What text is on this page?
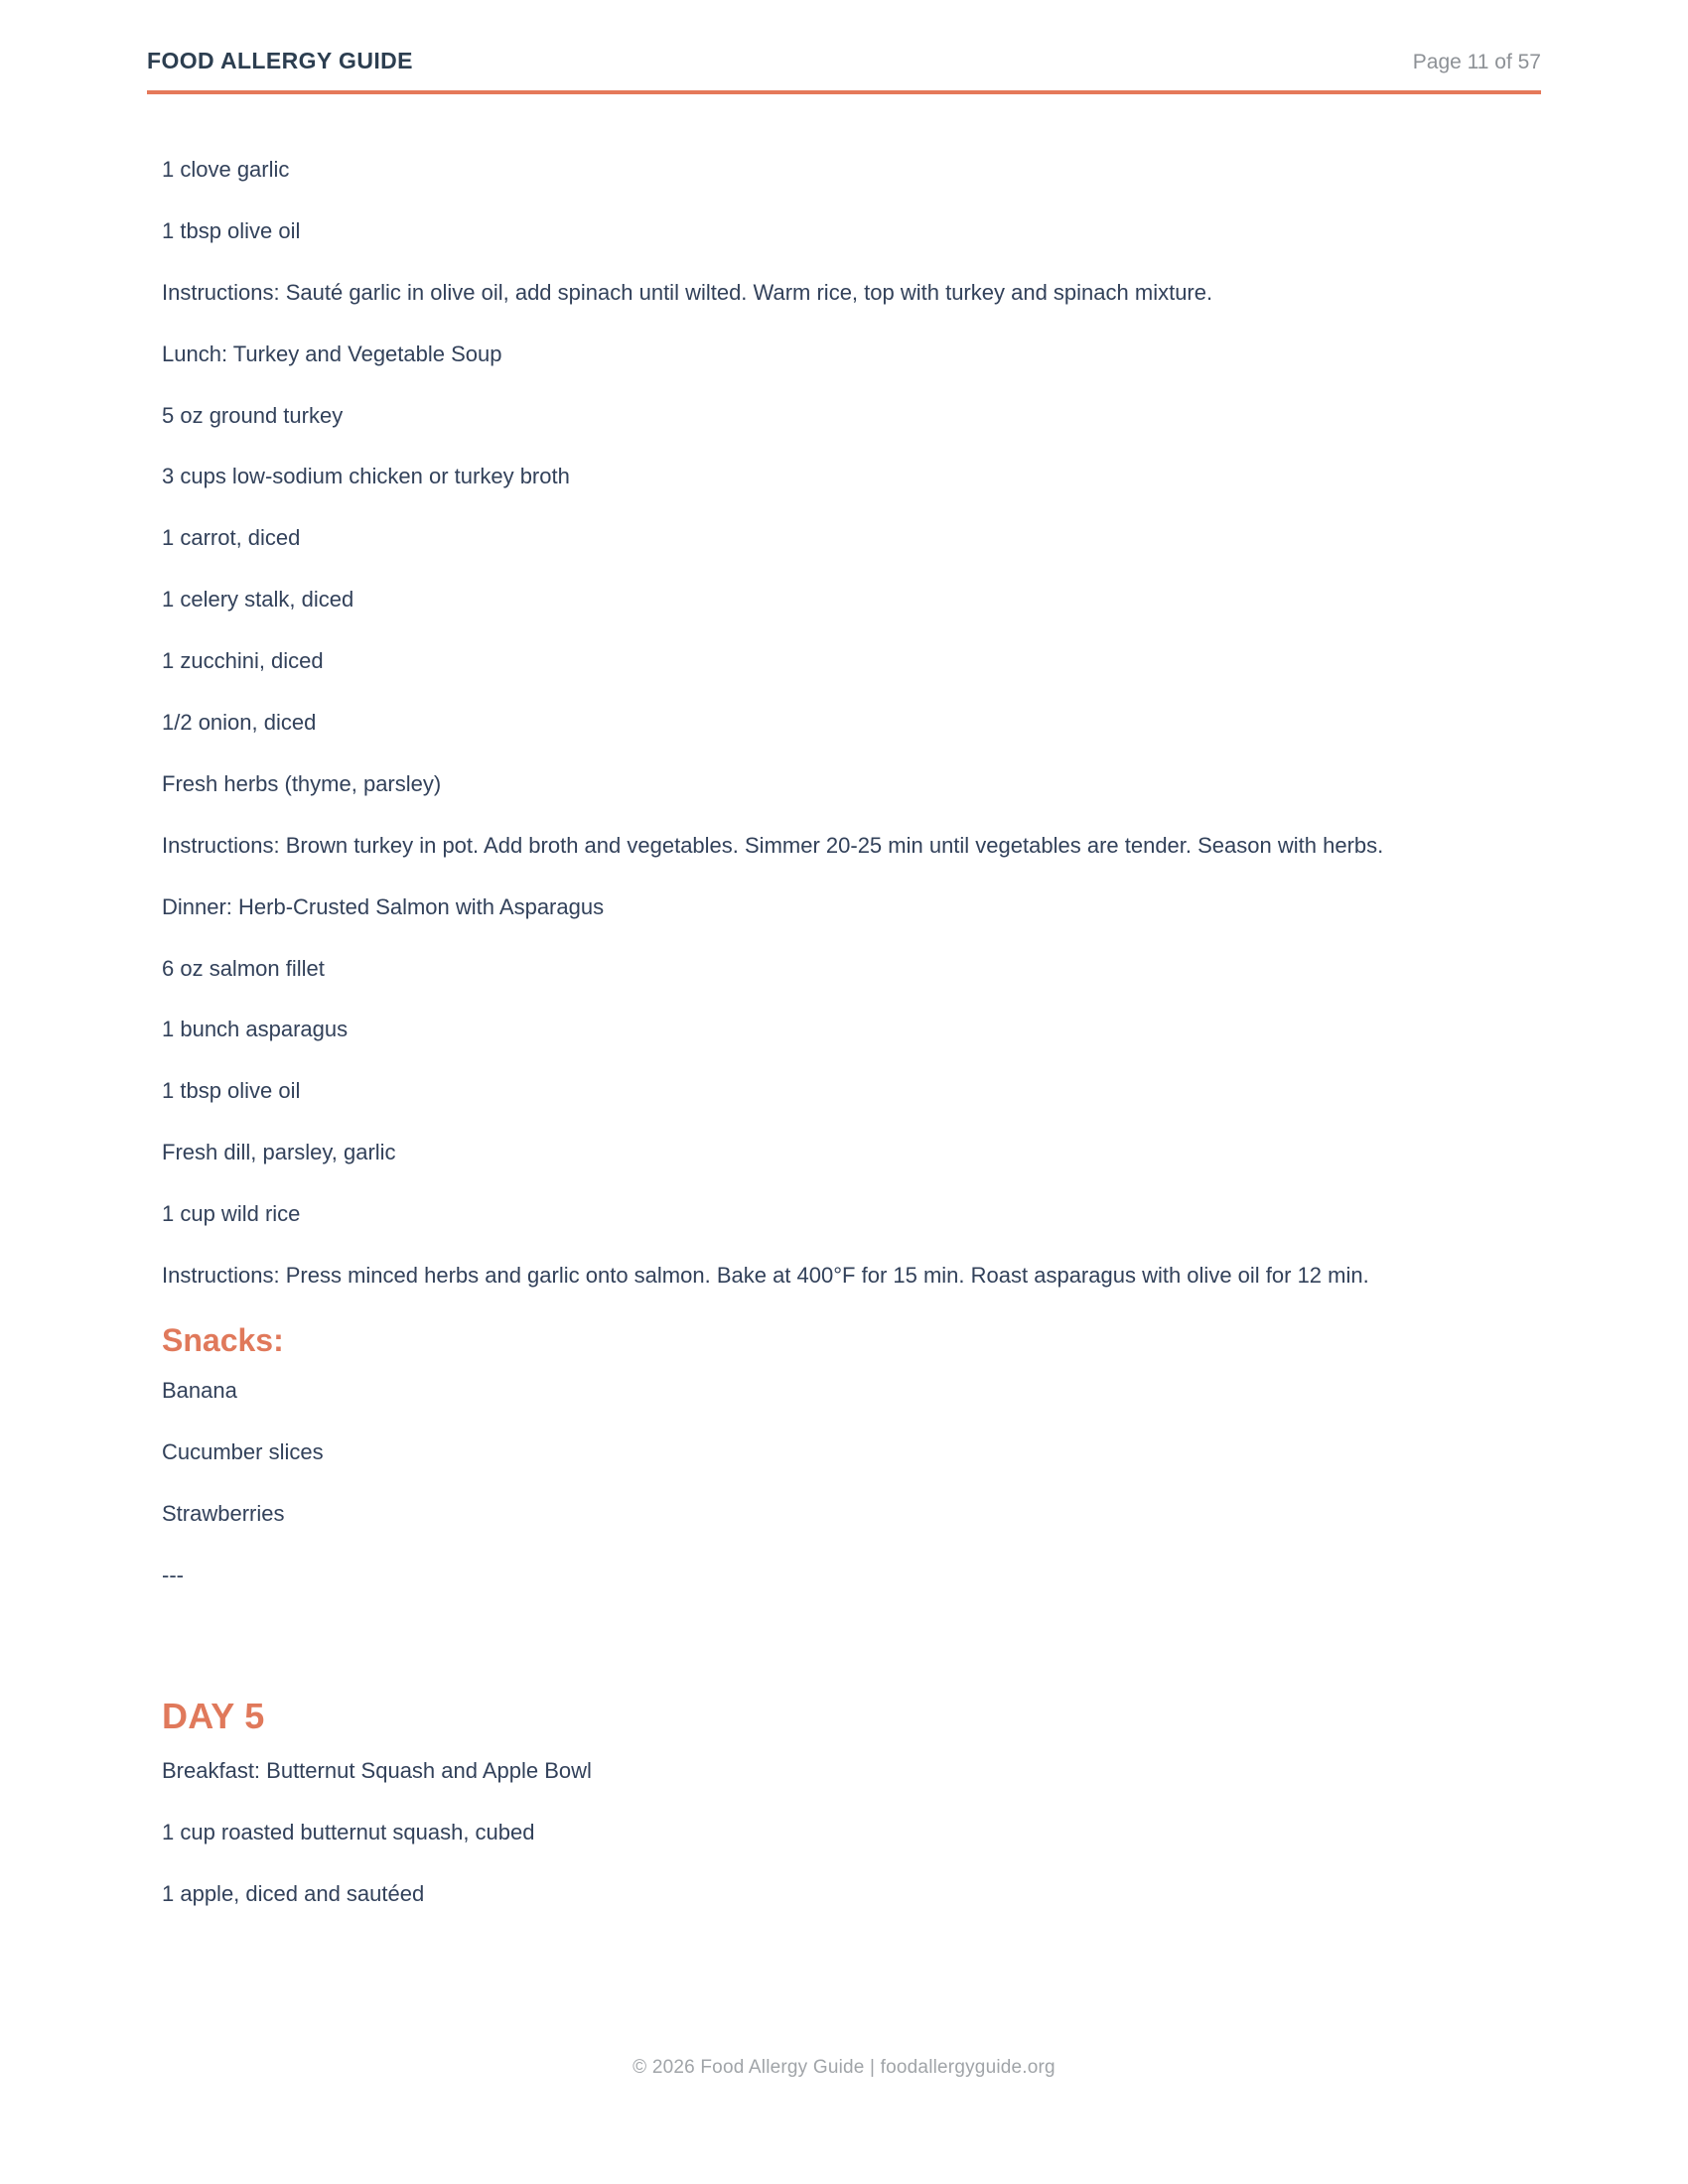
FOOD ALLERGY GUIDE	Page 11 of 57

1 clove garlic

1 tbsp olive oil

Instructions: Sauté garlic in olive oil, add spinach until wilted. Warm rice, top with turkey and spinach mixture.

Lunch: Turkey and Vegetable Soup

5 oz ground turkey

3 cups low-sodium chicken or turkey broth

1 carrot, diced

1 celery stalk, diced

1 zucchini, diced

1/2 onion, diced

Fresh herbs (thyme, parsley)

Instructions: Brown turkey in pot. Add broth and vegetables. Simmer 20-25 min until vegetables are tender. Season with herbs.

Dinner: Herb-Crusted Salmon with Asparagus

6 oz salmon fillet

1 bunch asparagus

1 tbsp olive oil

Fresh dill, parsley, garlic

1 cup wild rice

Instructions: Press minced herbs and garlic onto salmon. Bake at 400°F for 15 min. Roast asparagus with olive oil for 12 min.

Snacks:

Banana

Cucumber slices

Strawberries

---

DAY 5

Breakfast: Butternut Squash and Apple Bowl

1 cup roasted butternut squash, cubed

1 apple, diced and sautéed

© 2026 Food Allergy Guide | foodallergyguide.org
